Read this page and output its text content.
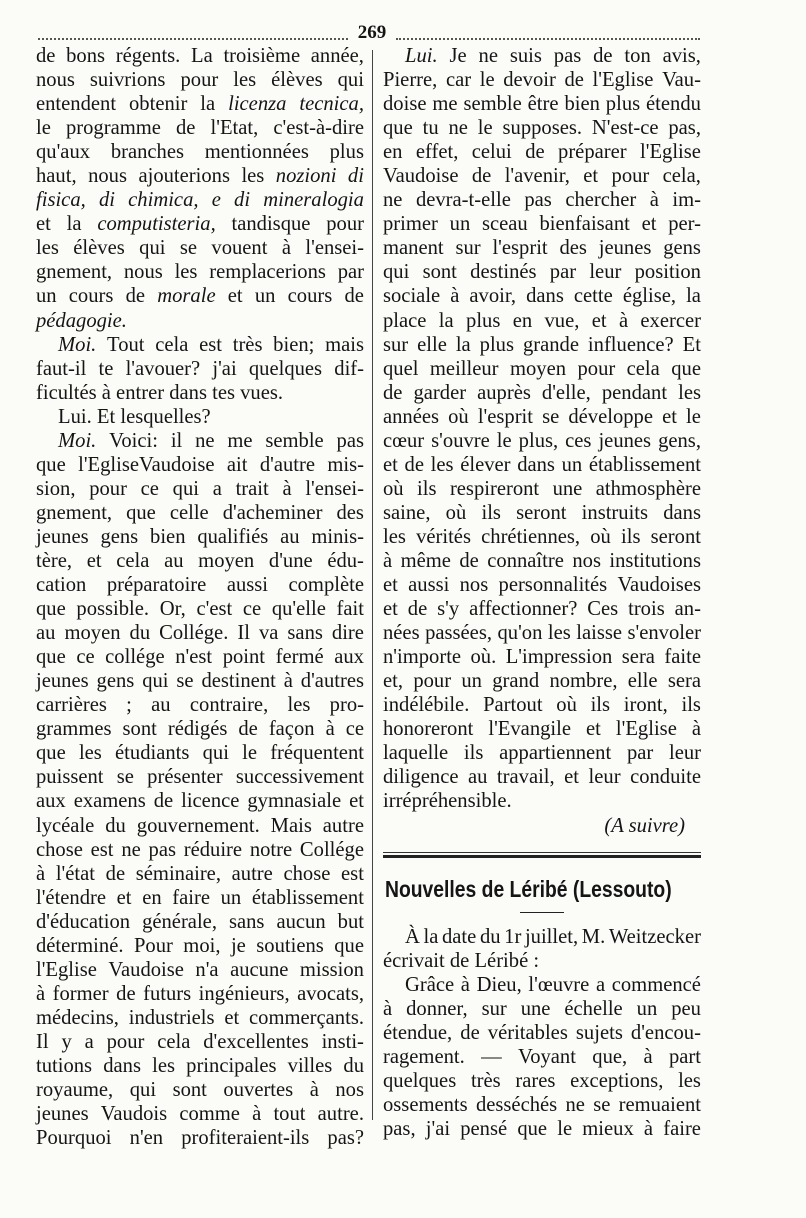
269
de bons régents. La troisième année,
nous suivrions pour les élèves qui
entendent obtenir la licenza tecnica,
le programme de l'Etat, c'est-à-dire
qu'aux branches mentionnées plus
haut, nous ajouterions les nozioni di
fisica, di chimica, e di mineralogia
et la computisteria, tandisque pour
les élèves qui se vouent à l'ensei-
gnement, nous les remplacerions par
un cours de morale et un cours de
pédagogie.
Moi. Tout cela est très bien; mais
faut-il te l'avouer? j'ai quelques dif-
ficultés à entrer dans tes vues.
Lui. Et lesquelles?
Moi. Voici: il ne me semble pas
que l'EgliseVaudoise ait d'autre mis-
sion, pour ce qui a trait à l'ensei-
gnement, que celle d'acheminer des
jeunes gens bien qualifiés au minis-
tère, et cela au moyen d'une édu-
cation préparatoire aussi complète
que possible. Or, c'est ce qu'elle fait
au moyen du Collége. Il va sans dire
que ce collége n'est point fermé aux
jeunes gens qui se destinent à d'autres
carrières ; au contraire, les pro-
grammes sont rédigés de façon à ce
que les étudiants qui le fréquentent
puissent se présenter successivement
aux examens de licence gymnasiale et
lycéale du gouvernement. Mais autre
chose est ne pas réduire notre Collége
à l'état de séminaire, autre chose est
l'étendre et en faire un établissement
d'éducation générale, sans aucun but
déterminé. Pour moi, je soutiens que
l'Eglise Vaudoise n'a aucune mission
à former de futurs ingénieurs, avocats,
médecins, industriels et commerçants.
Il y a pour cela d'excellentes insti-
tutions dans les principales villes du
royaume, qui sont ouvertes à nos
jeunes Vaudois comme à tout autre.
Pourquoi n'en profiteraient-ils pas?
Lui. Je ne suis pas de ton avis,
Pierre, car le devoir de l'Eglise Vau-
doise me semble être bien plus étendu
que tu ne le supposes. N'est-ce pas,
en effet, celui de préparer l'Eglise
Vaudoise de l'avenir, et pour cela,
ne devra-t-elle pas chercher à im-
primer un sceau bienfaisant et per-
manent sur l'esprit des jeunes gens
qui sont destinés par leur position
sociale à avoir, dans cette église, la
place la plus en vue, et à exercer
sur elle la plus grande influence? Et
quel meilleur moyen pour cela que
de garder auprès d'elle, pendant les
années où l'esprit se développe et le
cœur s'ouvre le plus, ces jeunes gens,
et de les élever dans un établissement
où ils respireront une athmosphère
saine, où ils seront instruits dans
les vérités chrétiennes, où ils seront
à même de connaître nos institutions
et aussi nos personnalités Vaudoises
et de s'y affectionner? Ces trois an-
nées passées, qu'on les laisse s'envoler
n'importe où. L'impression sera faite
et, pour un grand nombre, elle sera
indélébile. Partout où ils iront, ils
honoreront l'Evangile et l'Eglise à
laquelle ils appartiennent par leur
diligence au travail, et leur conduite
irrépréhensible.
(A suivre)
Nouvelles de Léribé (Lessouto)
À la date du 1r juillet, M. Weitzecker
écrivait de Léribé :
Grâce à Dieu, l'œuvre a commencé
à donner, sur une échelle un peu
étendue, de véritables sujets d'encou-
ragement. — Voyant que, à part
quelques très rares exceptions, les
ossements desséchés ne se remuaient
pas, j'ai pensé que le mieux à faire
